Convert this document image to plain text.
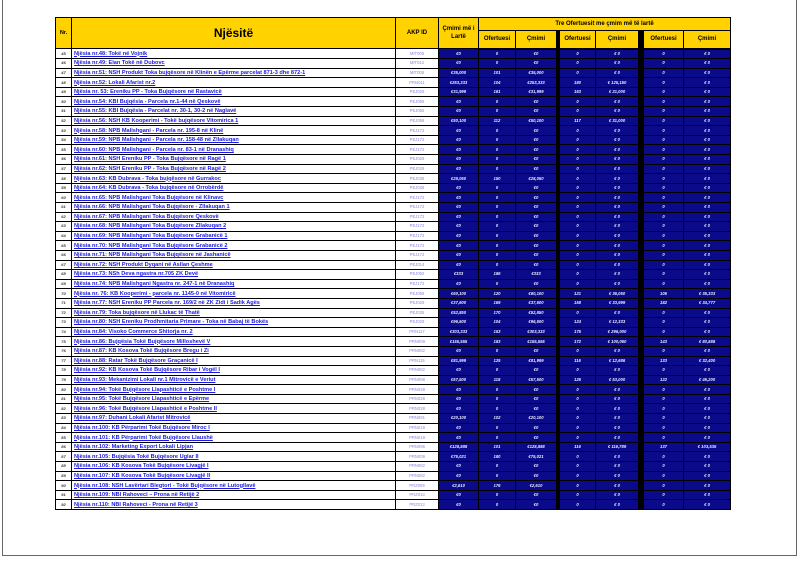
Nr.	Njësitë	AKP ID	Çmimi më i Lartë	Tre Ofertuesit me çmim më të lartë							
				Ofertuesi	Çmimi		Ofertuesi	Çmimi		Ofertuesi	Çmimi
45	Njësia nr.48: Tokë në Vojnik	MIT008	€0	0	€0		0	€ 0		0	€ 0
46	Njësia nr.49: Elan Tokë në Dubovc	MIT012	€0	0	€0		0	€ 0		0	€ 0
47	Njësia nr.51: NSH Produkt Toka bujqësore në Klinën e Epërme parcelat 871-3 dhe 872-1	MIT008	€35,000	101	€35,000		0	€ 0		0	€ 0
48	Njësia nr.52: Lokali Afarist nr.2	PRN011	€253,333	104	€253,333		180	€ 125,150		0	€ 0
49	Njësia nr. 53: Ereniku PP - Toka Bujqësore në Rastavicë	PEJ029	€31,999	161	€31,999		163	€ 21,000		0	€ 0
50	Njësia nr.54: KBI Bujqësia - Parcela nr.1-44 në Qeskovë	PEJ055	€0	0	€0		0	€ 0		0	€ 0
51	Njësia nr.55: KBI Bujqësia - Parcelat nr. 30-1, 30-2 në Naglavë	PEJ055	€0	0	€0		0	€ 0		0	€ 0
52	Njësia nr.56: NSH KB Kooperimi - Tokë bujqësore Vitomirica 1	PEJ056	€50,100	112	€50,100		117	€ 31,000		0	€ 0
53	Njësia nr.58: NPB Malishgani - Parcela nr. 195-8 në Klinë	PEJ172	€0	0	€0		0	€ 0		0	€ 0
54	Njësia nr.59: NPB Malishgani - Parcela nr. 158-48 në Zllakuqan	PEJ172	€0	0	€0		0	€ 0		0	€ 0
55	Njësia nr.60: NPB Malishgani - Parcela nr. 83-1 në Dranashiq	PEJ172	€0	0	€0		0	€ 0		0	€ 0
56	Njësia nr.61: NSH Ereniku PP - Toka Bujqësore në Ragë 1	PEJ029	€0	0	€0		0	€ 0		0	€ 0
57	Njësia nr.62: NSH Ereniku PP - Toka Bujqësore në Ragë 2	PEJ029	€0	0	€0		0	€ 0		0	€ 0
58	Njësia nr.63: KB Dubrava - Toka bujqësore në Gurrakoc	PEJ036	€28,050	150	€28,050		0	€ 0		0	€ 0
59	Njësia nr.64: KB Dubrava - Toka bujqësore në Orrobërdë	PEJ036	€0	0	€0		0	€ 0		0	€ 0
60	Njësia nr.65: NPB Malishgani Toka Bujqësore në Klinavc	PEJ172	€0	0	€0		0	€ 0		0	€ 0
61	Njësia nr.66: NPB Malishgani Toka Bujqësore - Zllakuqan 1	PEJ172	€0	0	€0		0	€ 0		0	€ 0
62	Njësia nr.67: NPB Malishgani Toka Bujqësore Qeskovë	PEJ172	€0	0	€0		0	€ 0		0	€ 0
63	Njësia nr.68: NPB Malishgani Toka Bujqësore Zllakuqan 2	PEJ172	€0	0	€0		0	€ 0		0	€ 0
64	Njësia nr.69: NPB Malishgani Toka Bujqësore Grabanicë 1	PEJ172	€0	0	€0		0	€ 0		0	€ 0
65	Njësia nr.70: NPB Malishgani Toka Bujqësore Grabanicë 2	PEJ172	€0	0	€0		0	€ 0		0	€ 0
66	Njësia nr.71: NPB Malishgani Toka Bujqësore në Jashanicë	PEJ172	€0	0	€0		0	€ 0		0	€ 0
67	Njësia nr.72: NSH Produkt Dyqani në Asllan Çeshme	PEJ014	€0	0	€0		0	€ 0		0	€ 0
68	Njësia nr.73: NSh Deva ngastra nr.705 ZK Devë	PEJ092	€333	186	€333		0	€ 0		0	€ 0
69	Njësia nr.74: NPB Malishgani Ngastra nr. 247-1 në Dranashiq	PEJ172	€0	0	€0		0	€ 0		0	€ 0
70	Njësia nr. 76: KB Kooperimi - parcela nr. 1145-0 në Vitomiricë	PEJ056	€60,100	120	€60,100		121	€ 36,050		105	€ 35,333
71	Njësia nr.77: NSH Ereniku PP Parcela nr. 169/2 në ZK Zidi i Sadik Agës	PEJ029	€37,600	169	€37,600		158	€ 33,999		182	€ 34,777
72	Njësia nr.79: Toka bujqësore në Llukac të Thatë	PEJ035	€52,850	170	€52,850		0	€ 0		0	€ 0
73	Njësia nr.80: NSH Ereniku Prodhmitaria Primare - Toka në Babaj të Bokës	PEJ029	€96,500	104	€96,500		124	€ 12,333		0	€ 0
74	Njësia nr.84: Visoko Commerce Shitorja nr. 2	PRN117	€303,333	153	€303,333		175	€ 296,000		0	€ 0
75	Njësia nr.86: Bujqësia Tokë Bujqësore Milloshevë V	PRN009	€155,555	183	€155,555		172	€ 100,060		143	€ 80,888
76	Njësia nr.87: KB Kosova Tokë Bujqësore Bregu i Zi	PRN082	€0	0	€0		0	€ 0		0	€ 0
77	Njësia nr.88: Ratar Tokë Bujqësore Graçanicë I	PRN115	€81,999	125	€81,999		116	€ 12,686		133	€ 32,400
78	Njësia nr.92: KB Kosova Tokë Bujqësore Ribar i Vogël I	PRN082	€0	0	€0		0	€ 0		0	€ 0
79	Njësia nr.93: Mekanizimi Lokali nr.1 Mitrovicë e Veriut	PRN098	€57,500	118	€57,500		126	€ 53,000		122	€ 46,200
80	Njësia nr.94: Tokë Bujqësore Llapashticë e Poshtme I	PRN028	€0	0	€0		0	€ 0		0	€ 0
81	Njësia nr.95: Tokë Bujqësore Llapashticë e Epërme	PRN028	€0	0	€0		0	€ 0		0	€ 0
82	Njësia nr.96: Tokë Bujqësore Llapashticë e Poshtme II	PRN028	€0	0	€0		0	€ 0		0	€ 0
83	Njësia nr.97: Duhani Lokali Afarist Mitrovicë	PRN091	€20,100	102	€20,100		0	€ 0		0	€ 0
84	Njësia nr.100: KB Përparimi Tokë Bujqësore Miroc I	PRN019	€0	0	€0		0	€ 0		0	€ 0
85	Njësia nr.101: KB Përparimi Tokë Bujqësore Llaushë	PRN019	€0	0	€0		0	€ 0		0	€ 0
86	Njësia nr.102: Marketing Export Lokali Lipjan	PRN096	€128,888	101	€128,888		116	€ 116,789		137	€ 103,535
87	Njësia nr.105: Bujqësia Tokë Bujqësore Uglar II	PRN009	€75,021	180	€75,021		0	€ 0		0	€ 0
88	Njësia nr.106: KB Kosova Tokë Bujqësore Livagjë I	PRN082	€0	0	€0		0	€ 0		0	€ 0
89	Njësia nr.107: KB Kosova Tokë Bujqësore Livagjë II	PRN082	€0	0	€0		0	€ 0		0	€ 0
90	Njësia nr.108: NSH Lavërtari Blegtori - Tokë Bujqësore në Lutogllavë	PRZ009	€2,610	176	€2,610		0	€ 0		0	€ 0
91	Njësia nr.109: NBI Rahoveci – Prona në Retijë 2	PRZ013	€0	0	€0		0	€ 0		0	€ 0
92	Njësia nr.110: NBI Rahoveci - Prona në Retijë 3	PRZ013	€0	0	€0		0	€ 0		0	€ 0
